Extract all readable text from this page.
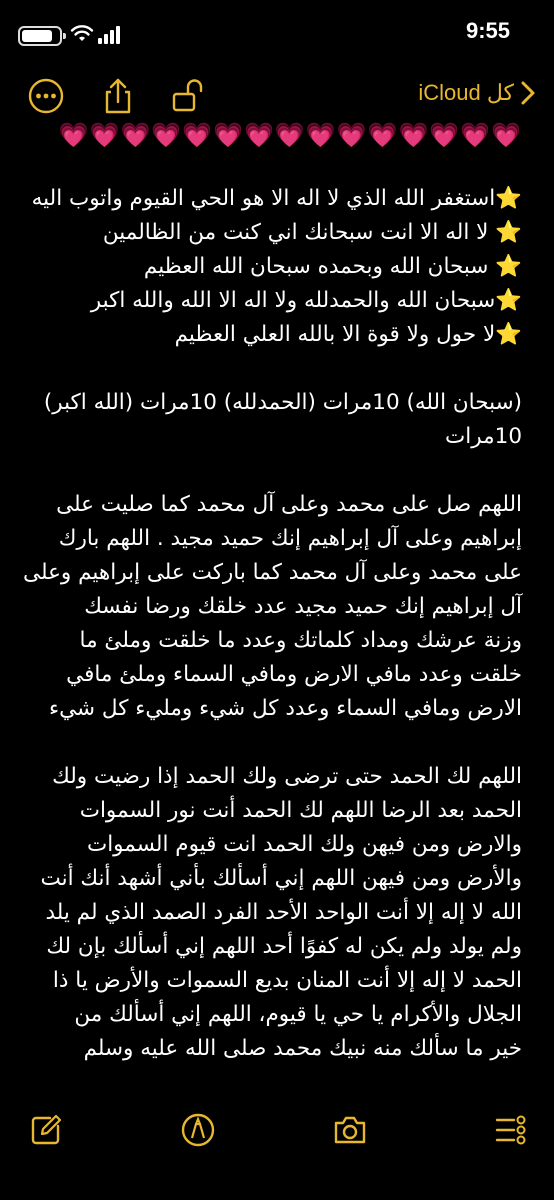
9:55
كل iCloud
💗💗💗💗💗💗💗💗💗💗💗💗💗💗💗
⭐استغفر الله الذي لا اله الا هو الحي القيوم واتوب اليه
⭐ لا اله الا انت سبحانك اني كنت من الظالمين
⭐ سبحان الله وبحمده سبحان الله العظيم
⭐سبحان الله والحمدلله ولا اله الا الله والله اكبر
⭐لا حول ولا قوة الا بالله العلي العظيم
(سبحان الله) 10مرات (الحمدلله) 10مرات (الله اكبر)
10مرات
اللهم صل على محمد وعلى آل محمد كما صليت على
إبراهيم وعلى آل إبراهيم إنك حميد مجيد . اللهم بارك
على محمد وعلى آل محمد كما باركت على إبراهيم وعلى
آل إبراهيم إنك حميد مجيد عدد خلقك ورضا نفسك
وزنة عرشك ومداد كلماتك وعدد ما خلقت وملئ ما
خلقت وعدد مافي الارض ومافي السماء وملئ مافي
الارض ومافي السماء وعدد كل شيء ومليء كل شيء
اللهم لك الحمد حتى ترضى ولك الحمد إذا رضيت ولك
الحمد بعد الرضا اللهم لك الحمد أنت نور السموات
والارض ومن فيهن ولك الحمد انت قيوم السموات
والأرض ومن فيهن اللهم إني أسألك بأني أشهد أنك أنت
الله لا إله إلا أنت الواحد الأحد الفرد الصمد الذي لم يلد
ولم يولد ولم يكن له كفوًا أحد اللهم إني أسألك بإن لك
الحمد لا إله إلا أنت المنان بديع السموات والأرض يا ذا
الجلال والأكرام يا حي يا قيوم، اللهم إني أسألك من
خير ما سألك منه نبيك محمد صلى الله عليه وسلم
